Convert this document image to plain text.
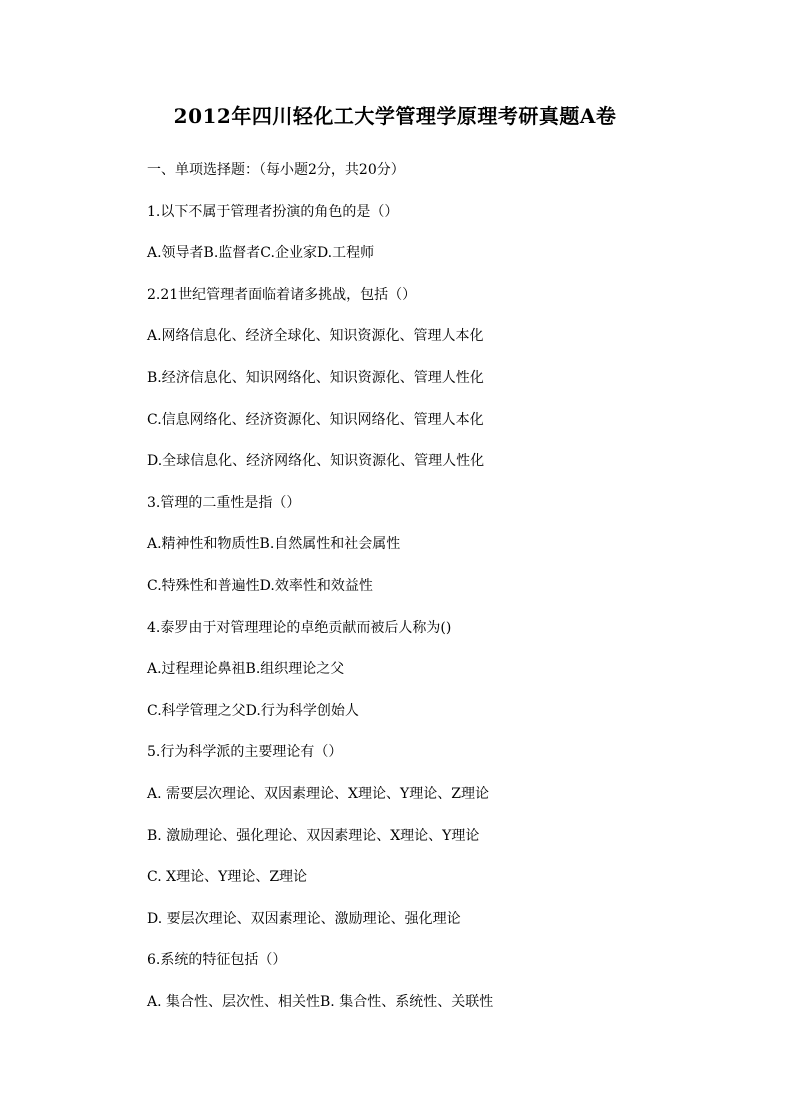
2012年四川轻化工大学管理学原理考研真题A卷
一、单项选择题：（每小题2分，共20分）
1.以下不属于管理者扮演的角色的是（）
A.领导者B.监督者C.企业家D.工程师
2.21世纪管理者面临着诸多挑战，包括（）
A.网络信息化、经济全球化、知识资源化、管理人本化
B.经济信息化、知识网络化、知识资源化、管理人性化
C.信息网络化、经济资源化、知识网络化、管理人本化
D.全球信息化、经济网络化、知识资源化、管理人性化
3.管理的二重性是指（）
A.精神性和物质性B.自然属性和社会属性
C.特殊性和普遍性D.效率性和效益性
4.泰罗由于对管理理论的卓绝贡献而被后人称为()
A.过程理论鼻祖B.组织理论之父
C.科学管理之父D.行为科学创始人
5.行为科学派的主要理论有（）
A. 需要层次理论、双因素理论、X理论、Y理论、Z理论
B. 激励理论、强化理论、双因素理论、X理论、Y理论
C. X理论、Y理论、Z理论
D. 要层次理论、双因素理论、激励理论、强化理论
6.系统的特征包括（）
A. 集合性、层次性、相关性B. 集合性、系统性、关联性
